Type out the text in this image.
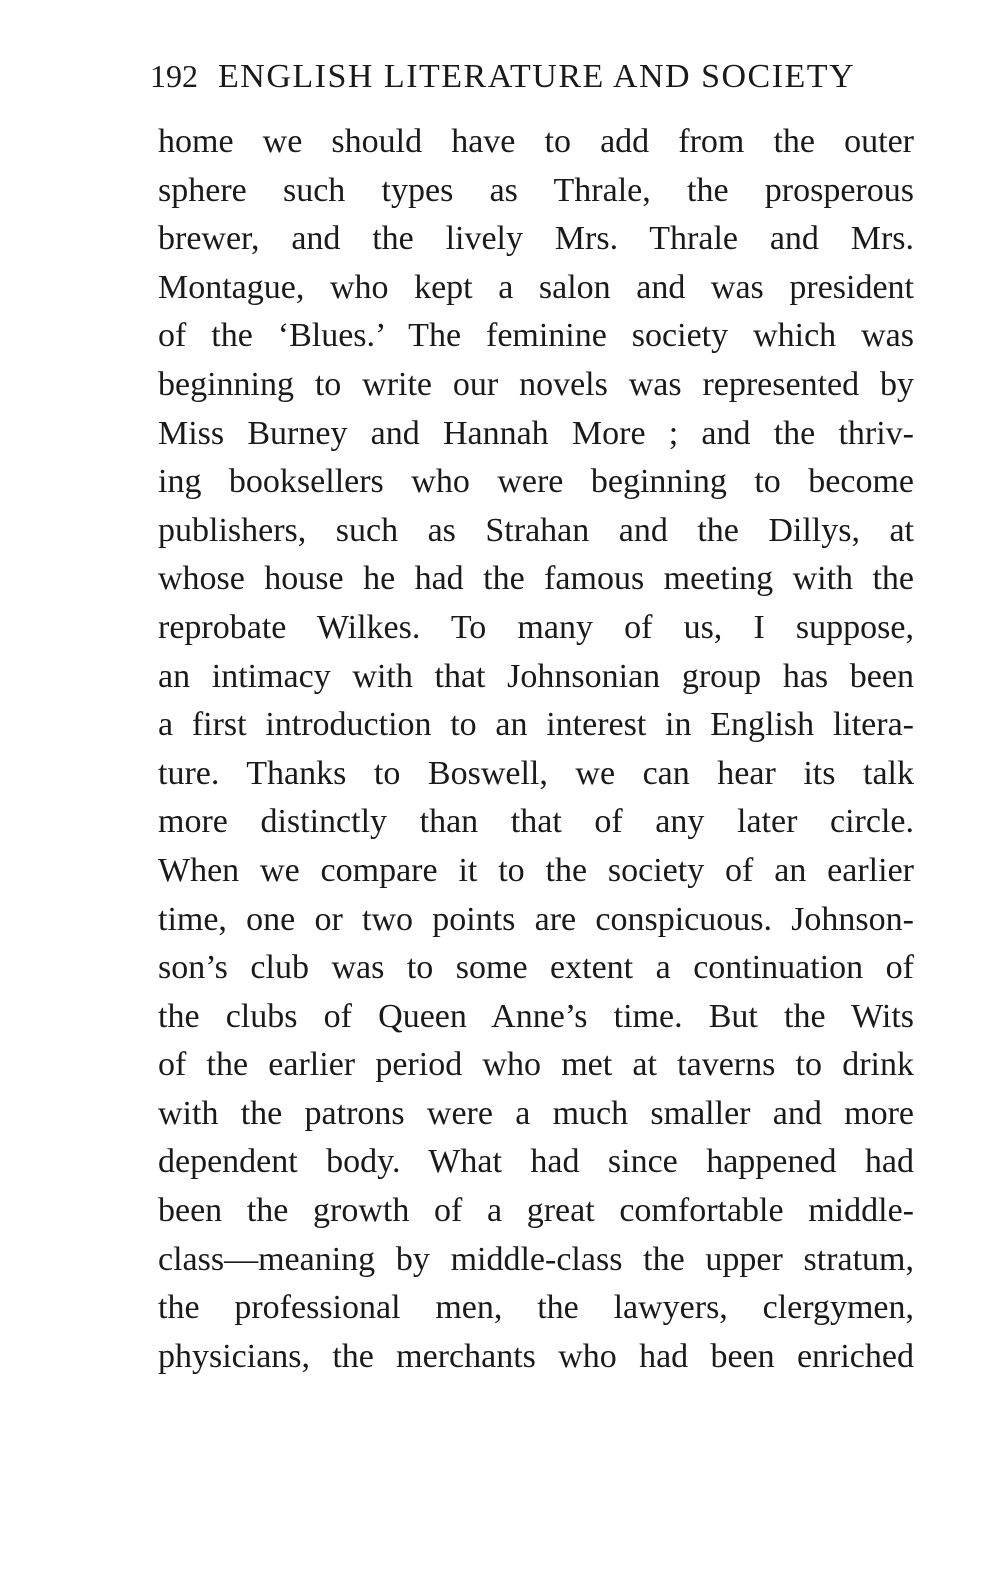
192 ENGLISH LITERATURE AND SOCIETY
home we should have to add from the outer
sphere such types as Thrale, the prosperous
brewer, and the lively Mrs. Thrale and Mrs.
Montague, who kept a salon and was president
of the ‘Blues.’ The feminine society which was
beginning to write our novels was represented by
Miss Burney and Hannah More ; and the thriv-
ing booksellers who were beginning to become
publishers, such as Strahan and the Dillys, at
whose house he had the famous meeting with the
reprobate Wilkes. To many of us, I suppose,
an intimacy with that Johnsonian group has been
a first introduction to an interest in English litera-
ture. Thanks to Boswell, we can hear its talk
more distinctly than that of any later circle.
When we compare it to the society of an earlier
time, one or two points are conspicuous. Johnson-
son’s club was to some extent a continuation of
the clubs of Queen Anne’s time. But the Wits
of the earlier period who met at taverns to drink
with the patrons were a much smaller and more
dependent body. What had since happened had
been the growth of a great comfortable middle-
class—meaning by middle-class the upper stratum,
the professional men, the lawyers, clergymen,
physicians, the merchants who had been enriched
